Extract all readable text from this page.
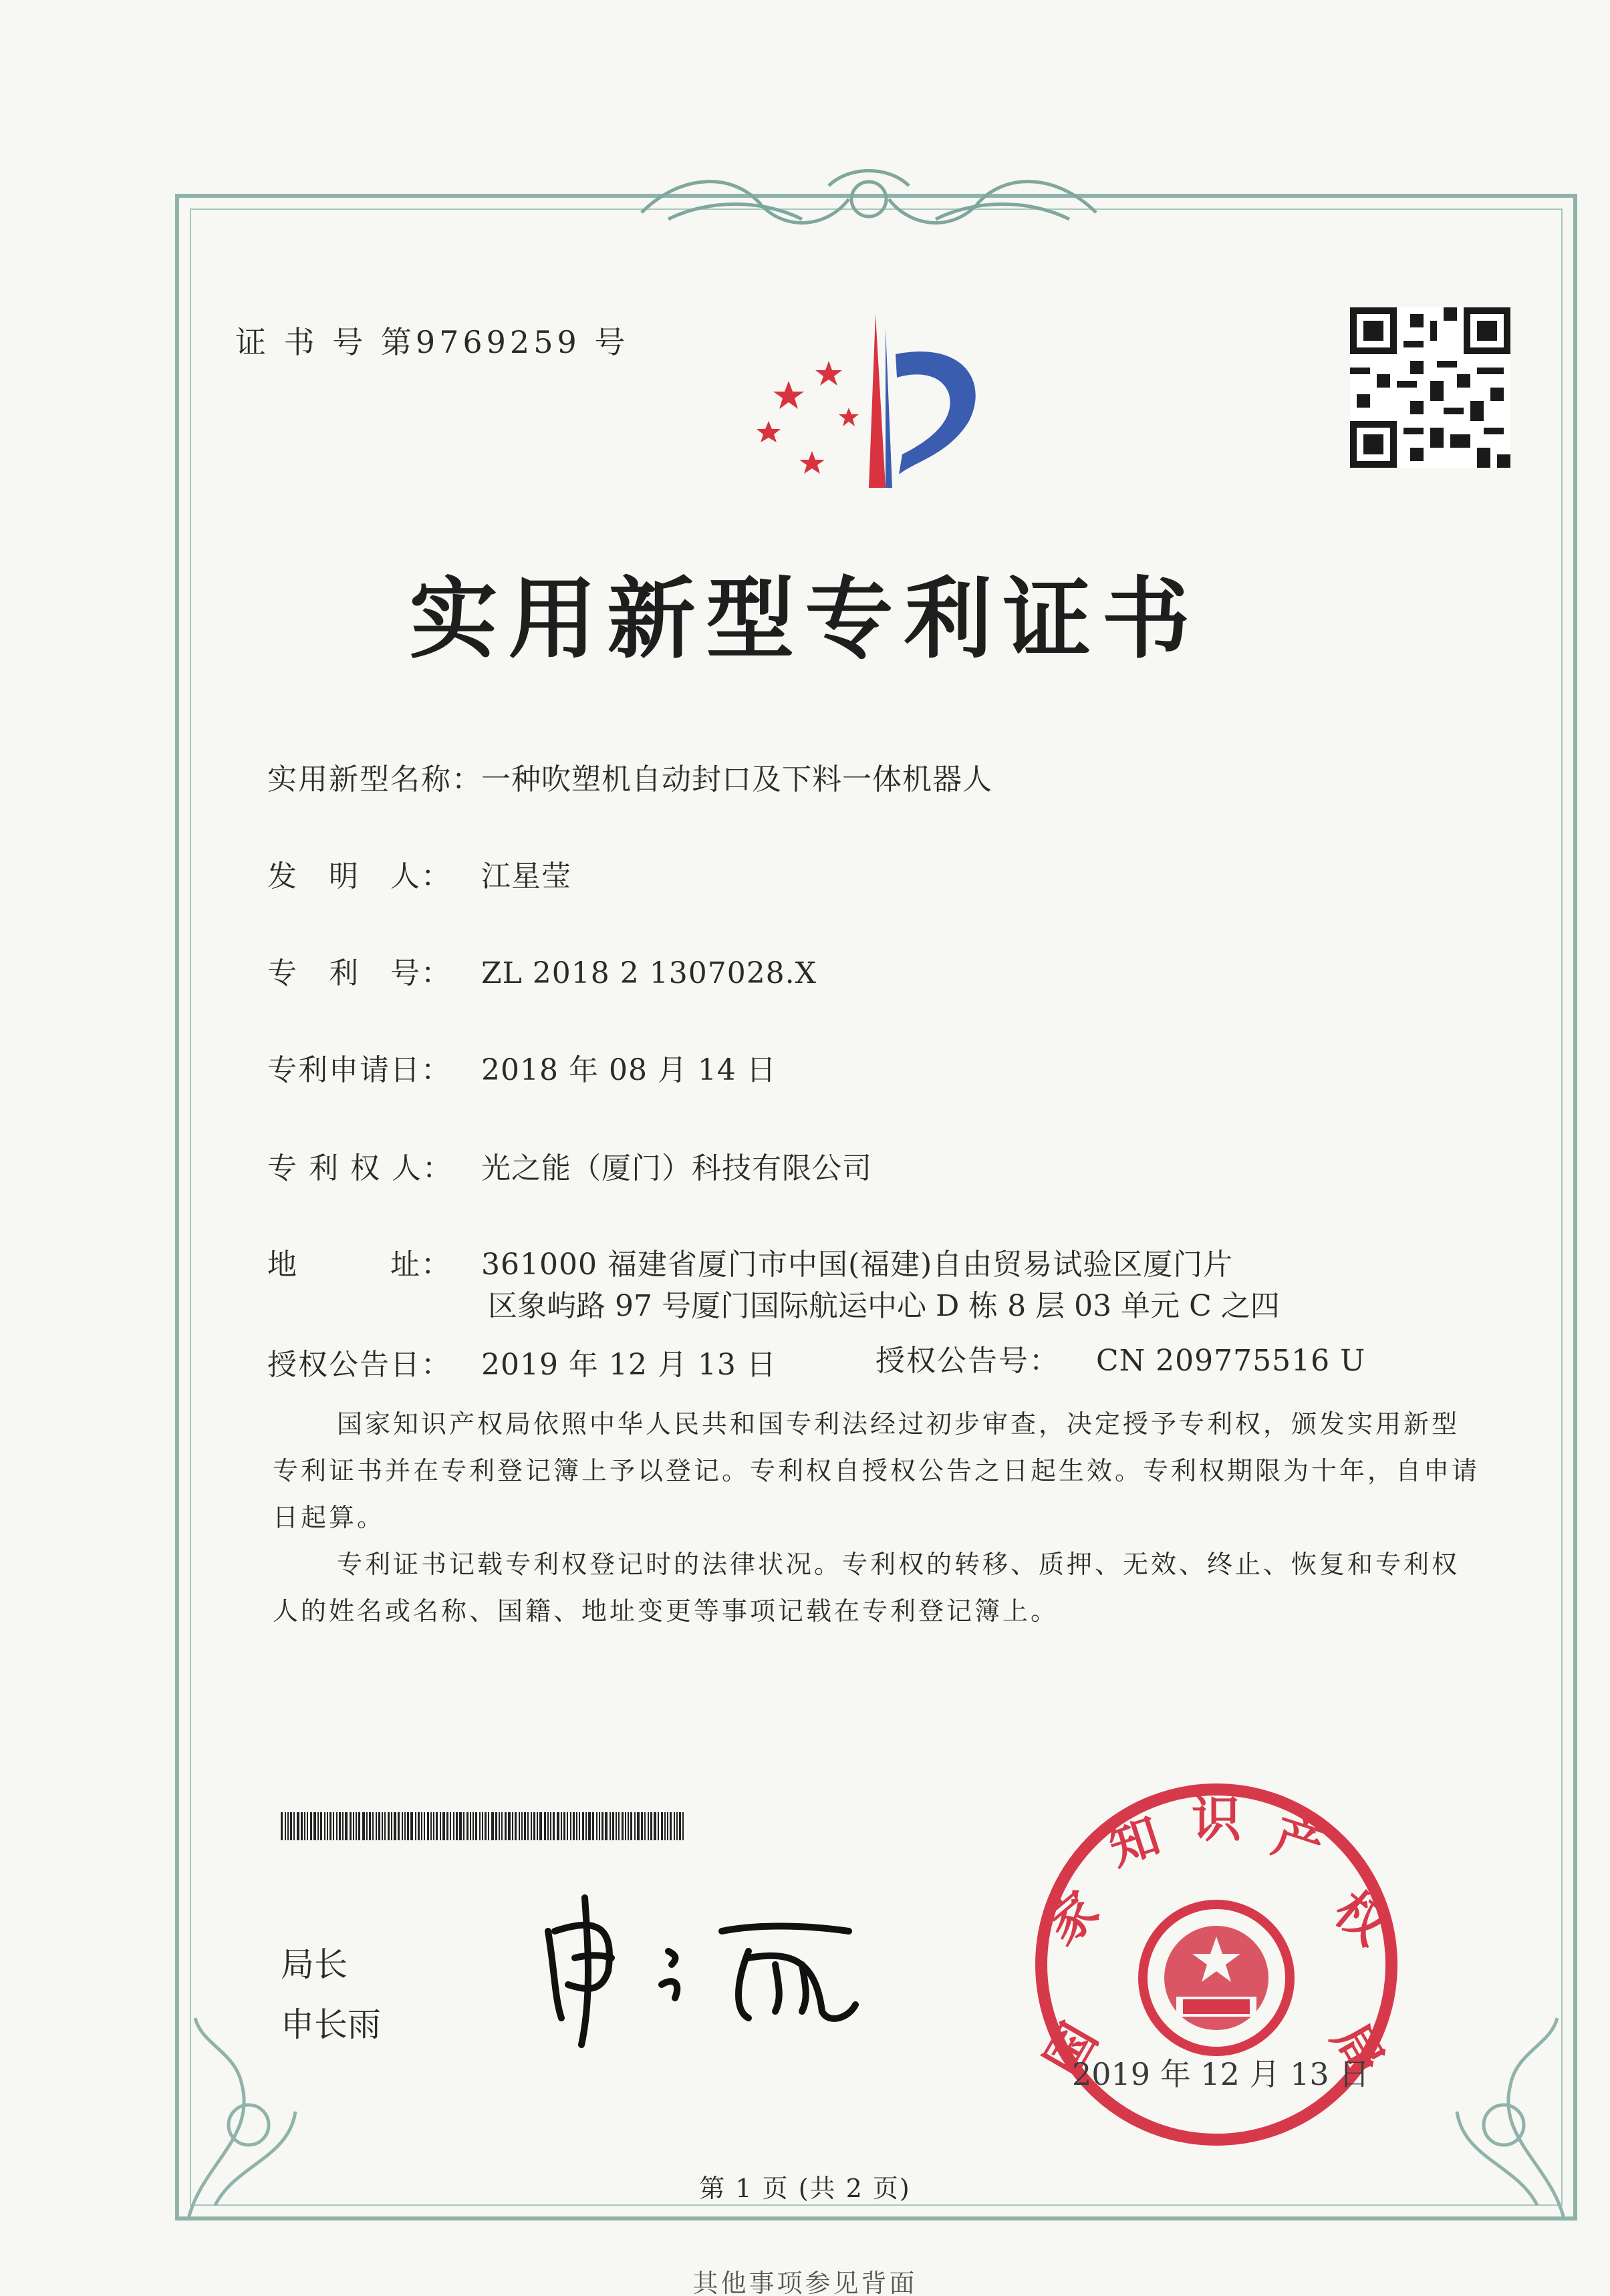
证 书 号 第9769259 号
实用新型专利证书
实用新型名称：一种吹塑机自动封口及下料一体机器人
发　明　人： 江星莹
专　利　号： ZL 2018 2 1307028.X
专利申请日： 2018 年 08 月 14 日
专 利 权 人： 光之能（厦门）科技有限公司
地　　　址： 361000 福建省厦门市中国(福建)自由贸易试验区厦门片
区象屿路 97 号厦门国际航运中心 D 栋 8 层 03 单元 C 之四
授权公告日： 2019 年 12 月 13 日	授权公告号： CN 209775516 U
国家知识产权局依照中华人民共和国专利法经过初步审查，决定授予专利权，颁发实用新型专利证书并在专利登记簿上予以登记。专利权自授权公告之日起生效。专利权期限为十年，自申请日起算。
专利证书记载专利权登记时的法律状况。专利权的转移、质押、无效、终止、恢复和专利权人的姓名或名称、国籍、地址变更等事项记载在专利登记簿上。
局长
申长雨	国
家
知 识 产
权
局
2019 年 12 月 13 日
第 1 页 (共 2 页)
其他事项参见背面
